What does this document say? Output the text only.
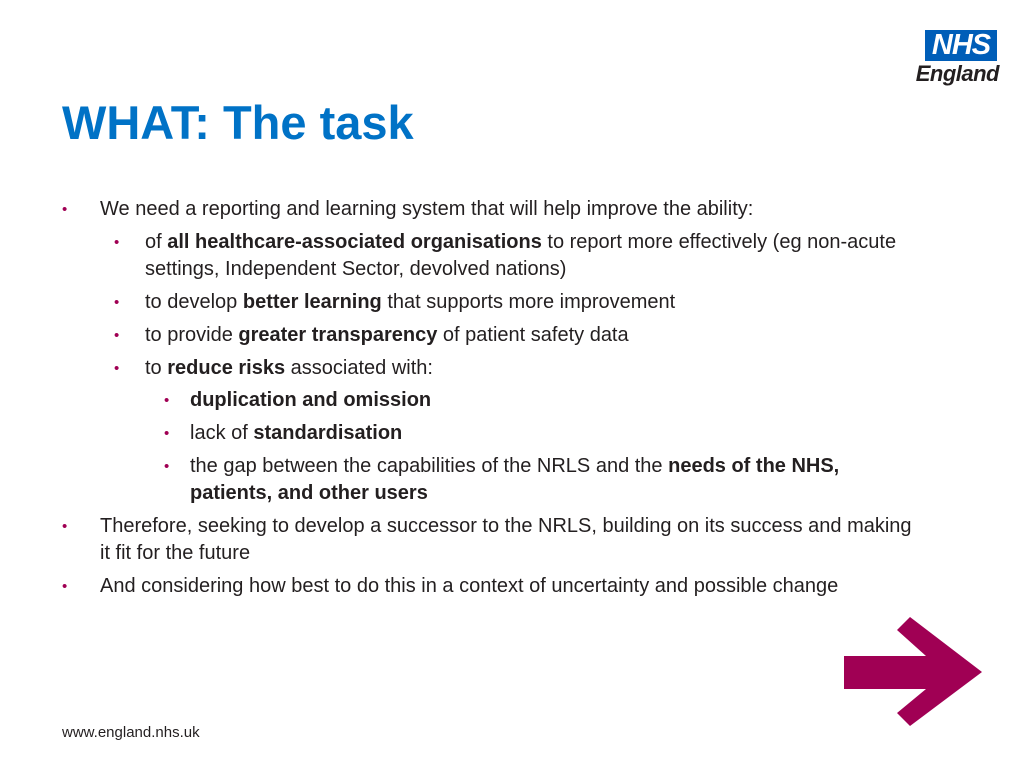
NHS
England
WHAT: The task
• We need a reporting and learning system that will help improve the ability:
• of all healthcare-associated organisations to report more effectively (eg non-acute settings, Independent Sector, devolved nations)
• to develop better learning that supports more improvement
• to provide greater transparency of patient safety data
• to reduce risks associated with:
• duplication and omission
• lack of standardisation
• the gap between the capabilities of the NRLS and the needs of the NHS, patients, and other users
• Therefore, seeking to develop a successor to the NRLS, building on its success and making it fit for the future
• And considering how best to do this in a context of uncertainty and possible change
www.england.nhs.uk
